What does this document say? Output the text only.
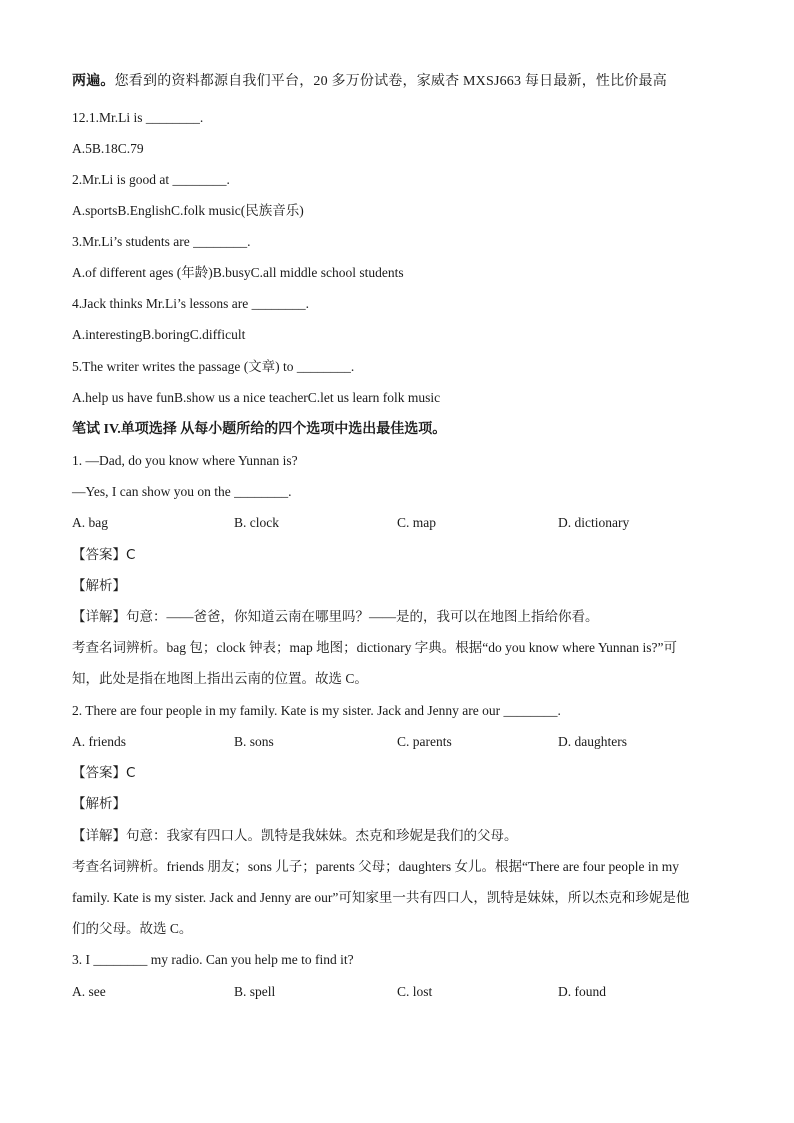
两遍。您看到的资料都源自我们平台，20 多万份试卷，家威杏 MXSJ663 每日最新，性比价最高
12.1.Mr.Li is ________.
A.5B.18C.79
2.Mr.Li is good at ________.
A.sportsB.EnglishC.folk music(民族音乐)
3.Mr.Li’s students are ________.
A.of different ages (年龄)B.busyC.all middle school students
4.Jack thinks Mr.Li’s lessons are ________.
A.interestingB.boringC.difficult
5.The writer writes the passage (文章) to ________.
A.help us have funB.show us a nice teacherC.let us learn folk music
笔试 IV.单项选择 从每小题所给的四个选项中选出最佳选项。
1. —Dad, do you know where Yunnan is?
—Yes, I can show you on the ________.
A. bag	B. clock	C. map	D. dictionary
【答案】C
【解析】
【详解】句意：——爸爸，你知道云南在哪里吗？——是的，我可以在地图上指给你看。
考查名词辨析。bag 包；clock 钟表；map 地图；dictionary 字典。根据“do you know where Yunnan is?”可
知，此处是指在地图上指出云南的位置。故选 C。
2. There are four people in my family. Kate is my sister. Jack and Jenny are our ________.
A. friends	B. sons	C. parents	D. daughters
【答案】C
【解析】
【详解】句意：我家有四口人。凯特是我妹妹。杰克和珍妮是我们的父母。
考查名词辨析。friends 朋友；sons 儿子；parents 父母；daughters 女儿。根据“There are four people in my
family. Kate is my sister. Jack and Jenny are our”可知家里一共有四口人，凯特是妹妹，所以杰克和珍妮是他
们的父母。故选 C。
3. I ________ my radio. Can you help me to find it?
A. see	B. spell	C. lost	D. found
